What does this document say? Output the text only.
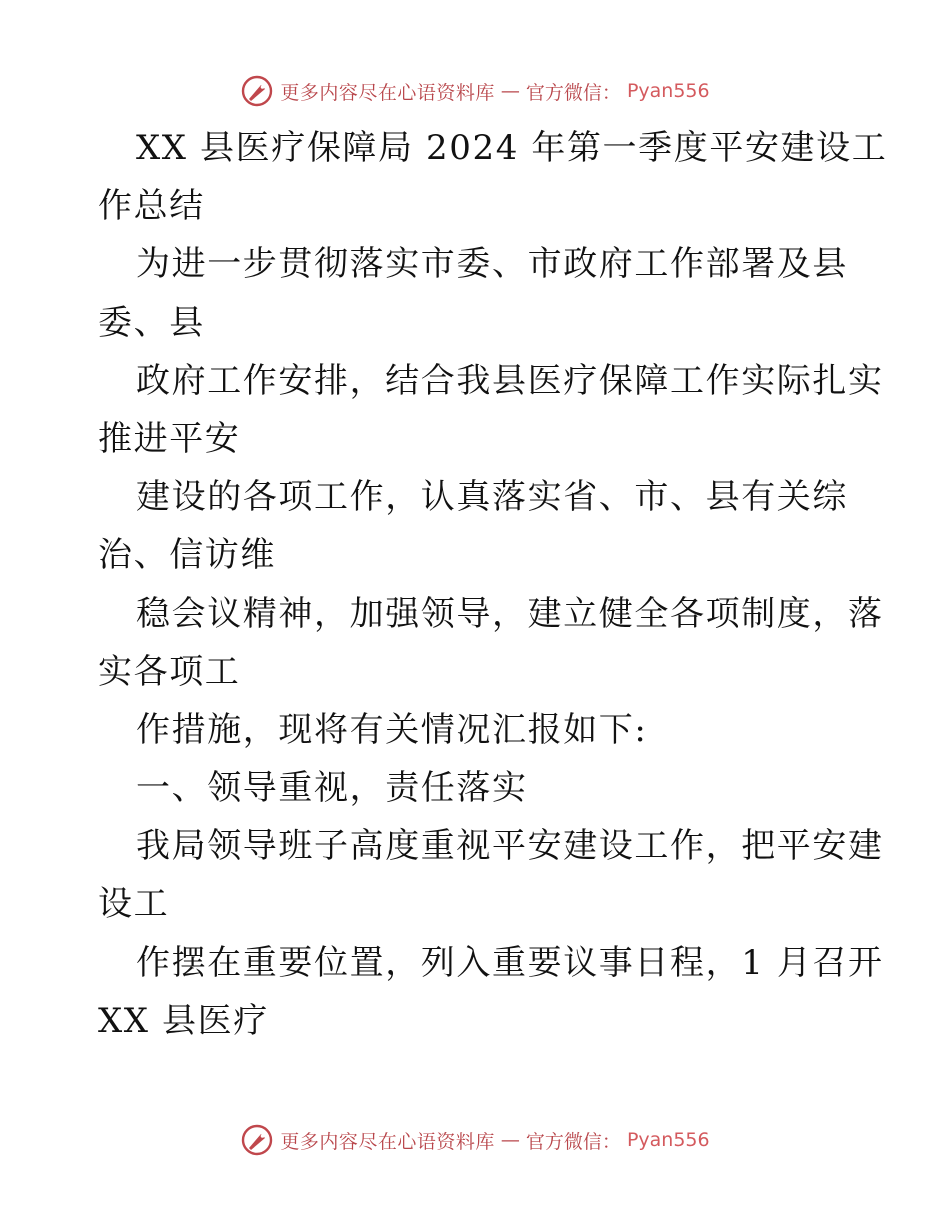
更多内容尽在心语资料库 — 官方微信： Pyan556
XX 县医疗保障局 2024 年第一季度平安建设工
作总结
为进一步贯彻落实市委、市政府工作部署及县
委、县
政府工作安排，结合我县医疗保障工作实际扎实
推进平安
建设的各项工作，认真落实省、市、县有关综
治、信访维
稳会议精神，加强领导，建立健全各项制度，落
实各项工
作措施，现将有关情况汇报如下:
一、领导重视，责任落实
我局领导班子高度重视平安建设工作，把平安建
设工
作摆在重要位置，列入重要议事日程，1 月召开
XX 县医疗
更多内容尽在心语资料库 — 官方微信： Pyan556
